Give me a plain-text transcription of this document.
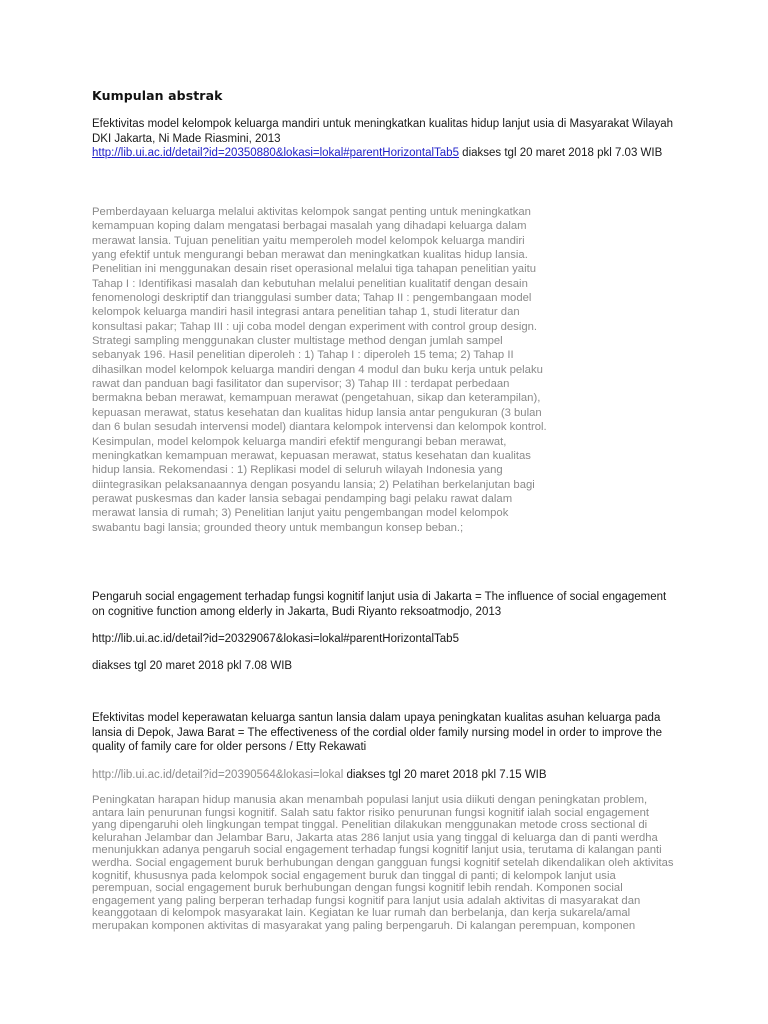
Kumpulan abstrak

Efektivitas model kelompok keluarga mandiri untuk meningkatkan kualitas hidup lanjut usia di Masyarakat Wilayah DKI Jakarta, Ni Made Riasmini, 2013

http://lib.ui.ac.id/detail?id=20350880&lokasi=lokal#parentHorizontalTab5 diakses tgl 20 maret 2018 pkl 7.03 WIB

Pemberdayaan keluarga melalui aktivitas kelompok sangat penting untuk meningkatkan kemampuan koping dalam mengatasi berbagai masalah yang dihadapi keluarga dalam merawat lansia. Tujuan penelitian yaitu memperoleh model kelompok keluarga mandiri yang efektif untuk mengurangi beban merawat dan meningkatkan kualitas hidup lansia. Penelitian ini menggunakan desain riset operasional melalui tiga tahapan penelitian yaitu Tahap I : Identifikasi masalah dan kebutuhan melalui penelitian kualitatif dengan desain fenomenologi deskriptif dan trianggulasi sumber data; Tahap II : pengembangaan model kelompok keluarga mandiri hasil integrasi antara penelitian tahap 1, studi literatur dan konsultasi pakar; Tahap III : uji coba model dengan experiment with control group design. Strategi sampling menggunakan cluster multistage method dengan jumlah sampel sebanyak 196. Hasil penelitian diperoleh : 1) Tahap I : diperoleh 15 tema; 2) Tahap II dihasilkan model kelompok keluarga mandiri dengan 4 modul dan buku kerja untuk pelaku rawat dan panduan bagi fasilitator dan supervisor; 3) Tahap III : terdapat perbedaan bermakna beban merawat, kemampuan merawat (pengetahuan, sikap dan keterampilan), kepuasan merawat, status kesehatan dan kualitas hidup lansia antar pengukuran (3 bulan dan 6 bulan sesudah intervensi model) diantara kelompok intervensi dan kelompok kontrol. Kesimpulan, model kelompok keluarga mandiri efektif mengurangi beban merawat, meningkatkan kemampuan merawat, kepuasan merawat, status kesehatan dan kualitas hidup lansia. Rekomendasi : 1) Replikasi model di seluruh wilayah Indonesia yang diintegrasikan pelaksanaannya dengan posyandu lansia; 2) Pelatihan berkelanjutan bagi perawat puskesmas dan kader lansia sebagai pendamping bagi pelaku rawat dalam merawat lansia di rumah; 3) Penelitian lanjut yaitu pengembangan model kelompok swabantu bagi lansia; grounded theory untuk membangun konsep beban.;

Pengaruh social engagement terhadap fungsi kognitif lanjut usia di Jakarta = The influence of social engagement on cognitive function among elderly in Jakarta, Budi Riyanto reksoatmodjo, 2013

http://lib.ui.ac.id/detail?id=20329067&lokasi=lokal#parentHorizontalTab5

diakses tgl 20 maret 2018 pkl 7.08 WIB

Efektivitas model keperawatan keluarga santun lansia dalam upaya peningkatan kualitas asuhan keluarga pada lansia di Depok, Jawa Barat = The effectiveness of the cordial older family nursing model in order to improve the quality of family care for older persons / Etty Rekawati

http://lib.ui.ac.id/detail?id=20390564&lokasi=lokal diakses tgl 20 maret 2018 pkl 7.15 WIB

Peningkatan harapan hidup manusia akan menambah populasi lanjut usia diikuti dengan peningkatan problem, antara lain penurunan fungsi kognitif. Salah satu faktor risiko penurunan fungsi kognitif ialah social engagement yang dipengaruhi oleh lingkungan tempat tinggal. Penelitian dilakukan menggunakan metode cross sectional di kelurahan Jelambar dan Jelambar Baru, Jakarta atas 286 lanjut usia yang tinggal di keluarga dan di panti werdha menunjukkan adanya pengaruh social engagement terhadap fungsi kognitif lanjut usia, terutama di kalangan panti werdha. Social engagement buruk berhubungan dengan gangguan fungsi kognitif setelah dikendalikan oleh aktivitas kognitif, khususnya pada kelompok social engagement buruk dan tinggal di panti; di kelompok lanjut usia perempuan, social engagement buruk berhubungan dengan fungsi kognitif lebih rendah. Komponen social engagement yang paling berperan terhadap fungsi kognitif para lanjut usia adalah aktivitas di masyarakat dan keanggotaan di kelompok masyarakat lain. Kegiatan ke luar rumah dan berbelanja, dan kerja sukarela/amal merupakan komponen aktivitas di masyarakat yang paling berpengaruh. Di kalangan perempuan, komponen
